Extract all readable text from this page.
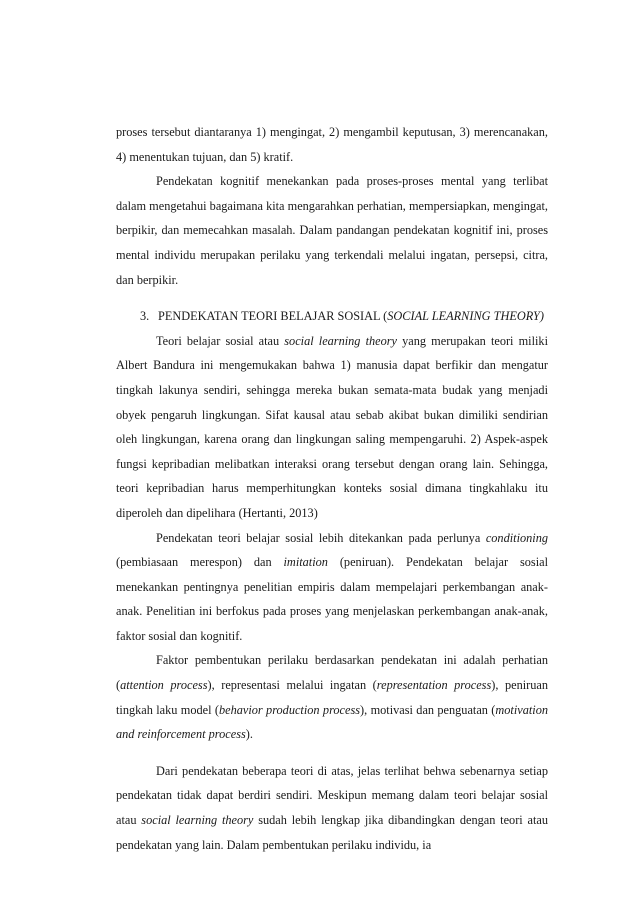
proses tersebut diantaranya 1) mengingat, 2) mengambil keputusan, 3) merencanakan, 4) menentukan tujuan, dan 5) kratif.

Pendekatan kognitif menekankan pada proses-proses mental yang terlibat dalam mengetahui bagaimana kita mengarahkan perhatian, mempersiapkan, mengingat, berpikir, dan memecahkan masalah. Dalam pandangan pendekatan kognitif ini, proses mental individu merupakan perilaku yang terkendali melalui ingatan, persepsi, citra, dan berpikir.

3. PENDEKATAN TEORI BELAJAR SOSIAL (SOCIAL LEARNING THEORY)

Teori belajar sosial atau social learning theory yang merupakan teori miliki Albert Bandura ini mengemukakan bahwa 1) manusia dapat berfikir dan mengatur tingkah lakunya sendiri, sehingga mereka bukan semata-mata budak yang menjadi obyek pengaruh lingkungan. Sifat kausal atau sebab akibat bukan dimiliki sendirian oleh lingkungan, karena orang dan lingkungan saling mempengaruhi. 2) Aspek-aspek fungsi kepribadian melibatkan interaksi orang tersebut dengan orang lain. Sehingga, teori kepribadian harus memperhitungkan konteks sosial dimana tingkahlaku itu diperoleh dan dipelihara (Hertanti, 2013)

Pendekatan teori belajar sosial lebih ditekankan pada perlunya conditioning (pembiasaan merespon) dan imitation (peniruan). Pendekatan belajar sosial menekankan pentingnya penelitian empiris dalam mempelajari perkembangan anak-anak. Penelitian ini berfokus pada proses yang menjelaskan perkembangan anak-anak, faktor sosial dan kognitif.

Faktor pembentukan perilaku berdasarkan pendekatan ini adalah perhatian (attention process), representasi melalui ingatan (representation process), peniruan tingkah laku model (behavior production process), motivasi dan penguatan (motivation and reinforcement process).

Dari pendekatan beberapa teori di atas, jelas terlihat behwa sebenarnya setiap pendekatan tidak dapat berdiri sendiri. Meskipun memang dalam teori belajar sosial atau social learning theory sudah lebih lengkap jika dibandingkan dengan teori atau pendekatan yang lain. Dalam pembentukan perilaku individu, ia
